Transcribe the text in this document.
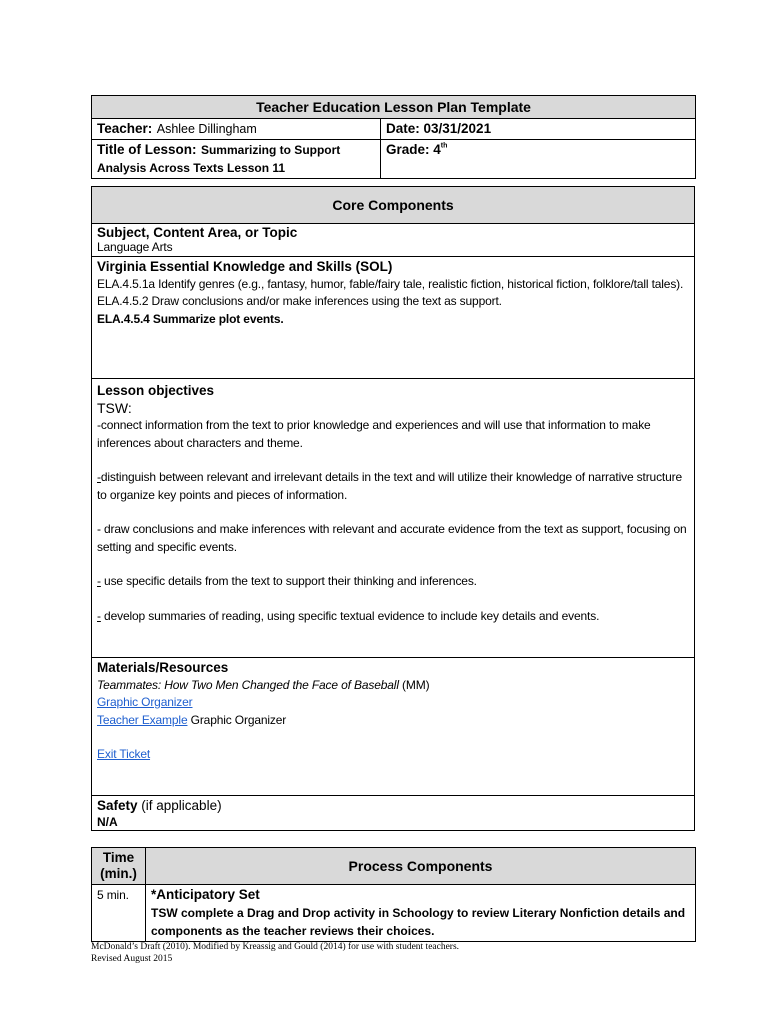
Teacher Education Lesson Plan Template	
Teacher: Ashlee Dillingham	Date: 03/31/2021
Title of Lesson: Summarizing to Support Analysis Across Texts Lesson 11	Grade: 4th
Core Components

Subject, Content Area, or Topic
Language Arts

Virginia Essential Knowledge and Skills (SOL)
ELA.4.5.1a Identify genres (e.g., fantasy, humor, fable/fairy tale, realistic fiction, historical fiction, folklore/tall tales).
ELA.4.5.2 Draw conclusions and/or make inferences using the text as support.
ELA.4.5.4 Summarize plot events.

Lesson objectives
TSW:
-connect information from the text to prior knowledge and experiences and will use that information to make inferences about characters and theme.
-distinguish between relevant and irrelevant details in the text and will utilize their knowledge of narrative structure to organize key points and pieces of information.
- draw conclusions and make inferences with relevant and accurate evidence from the text as support, focusing on setting and specific events.
- use specific details from the text to support their thinking and inferences.
- develop summaries of reading, using specific textual evidence to include key details and events.

Materials/Resources
Teammates: How Two Men Changed the Face of Baseball (MM)
Graphic Organizer
Teacher Example Graphic Organizer
Exit Ticket

Safety (if applicable)
N/A
Time (min.)	Process Components
5 min.	*Anticipatory Set
TSW complete a Drag and Drop activity in Schoology to review Literary Nonfiction details and components as the teacher reviews their choices.
McDonald’s Draft (2010). Modified by Kreassig and Gould (2014) for use with student teachers.
Revised August 2015
